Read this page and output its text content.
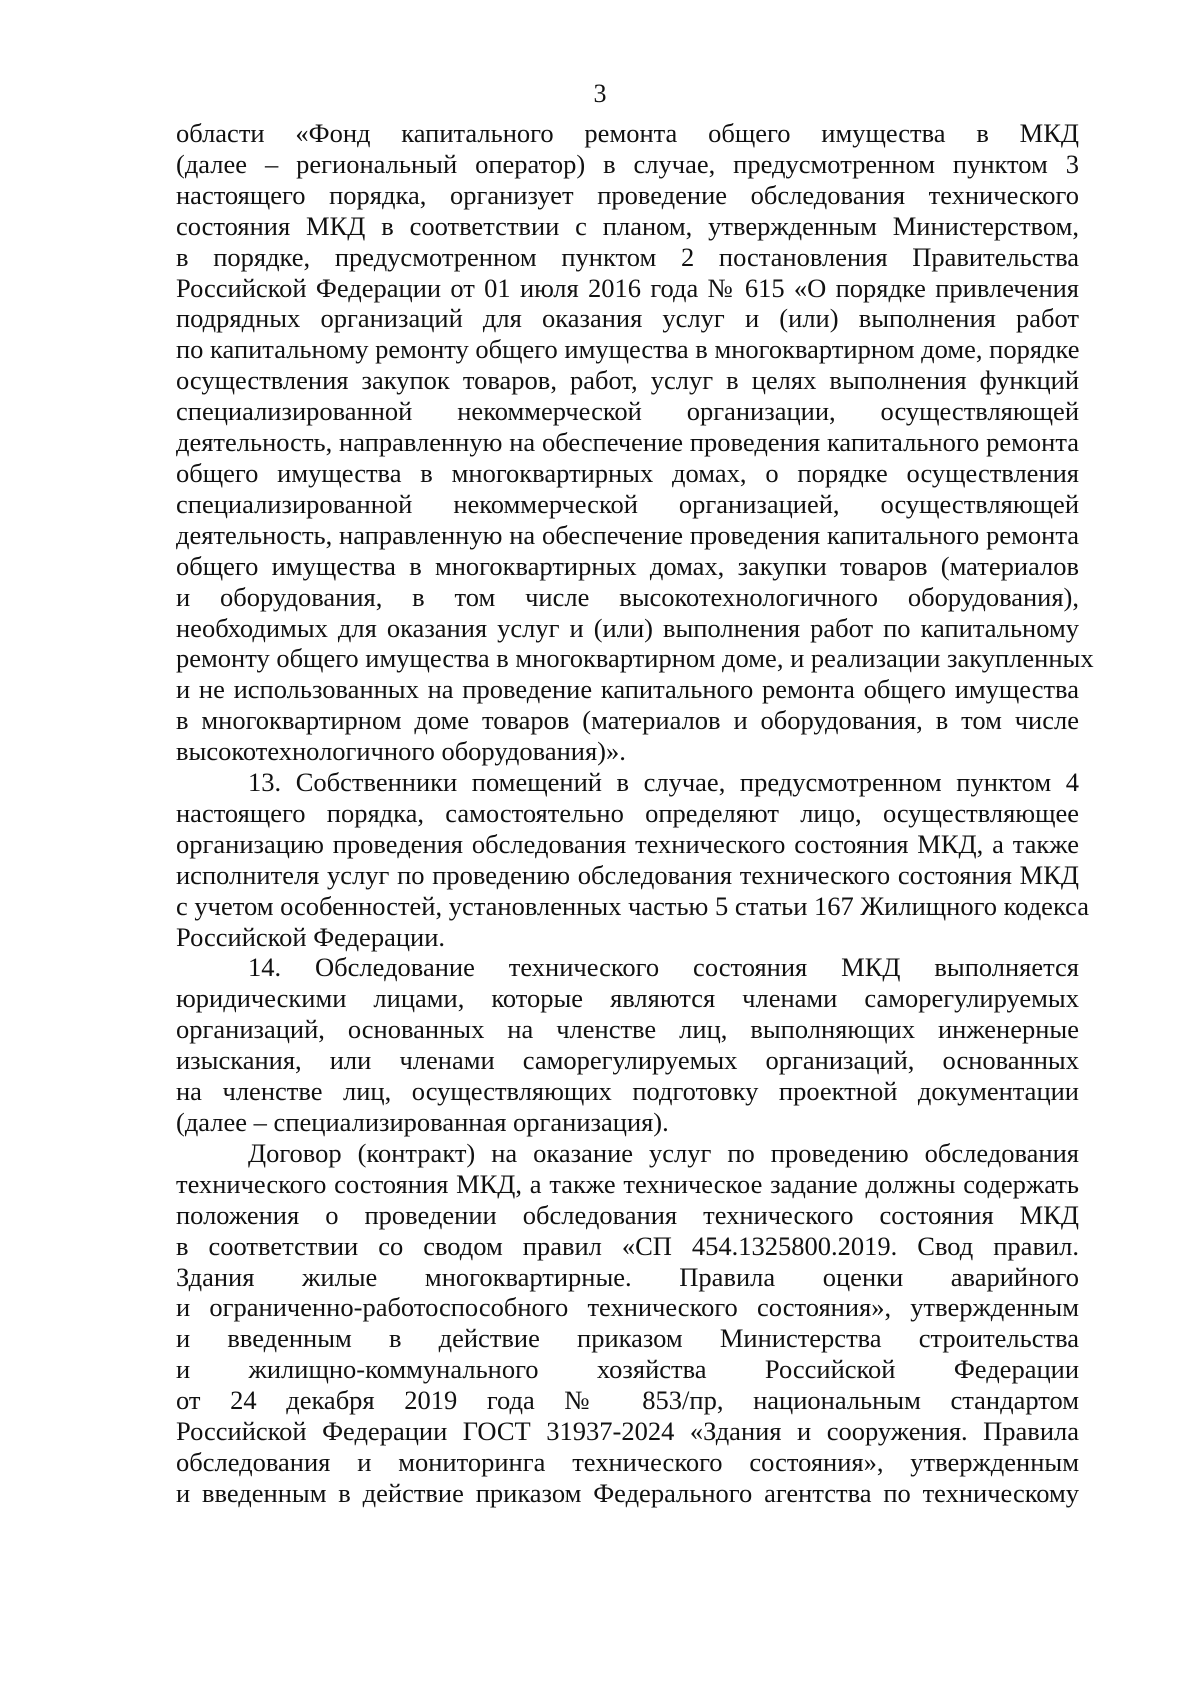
3
области «Фонд капитального ремонта общего имущества в МКД
(далее – региональный оператор) в случае, предусмотренном пунктом 3
настоящего порядка, организует проведение обследования технического
состояния МКД в соответствии с планом, утвержденным Министерством,
в порядке, предусмотренном пунктом 2 постановления Правительства
Российской Федерации от 01 июля 2016 года № 615 «О порядке привлечения
подрядных организаций для оказания услуг и (или) выполнения работ
по капитальному ремонту общего имущества в многоквартирном доме, порядке
осуществления закупок товаров, работ, услуг в целях выполнения функций
специализированной некоммерческой организации, осуществляющей
деятельность, направленную на обеспечение проведения капитального ремонта
общего имущества в многоквартирных домах, о порядке осуществления
специализированной некоммерческой организацией, осуществляющей
деятельность, направленную на обеспечение проведения капитального ремонта
общего имущества в многоквартирных домах, закупки товаров (материалов
и оборудования, в том числе высокотехнологичного оборудования),
необходимых для оказания услуг и (или) выполнения работ по капитальному
ремонту общего имущества в многоквартирном доме, и реализации закупленных
и не использованных на проведение капитального ремонта общего имущества
в многоквартирном доме товаров (материалов и оборудования, в том числе
высокотехнологичного оборудования)».
13. Собственники помещений в случае, предусмотренном пунктом 4
настоящего порядка, самостоятельно определяют лицо, осуществляющее
организацию проведения обследования технического состояния МКД, а также
исполнителя услуг по проведению обследования технического состояния МКД
с учетом особенностей, установленных частью 5 статьи 167 Жилищного кодекса
Российской Федерации.
14. Обследование технического состояния МКД выполняется
юридическими лицами, которые являются членами саморегулируемых
организаций, основанных на членстве лиц, выполняющих инженерные
изыскания, или членами саморегулируемых организаций, основанных
на членстве лиц, осуществляющих подготовку проектной документации
(далее – специализированная организация).
Договор (контракт) на оказание услуг по проведению обследования
технического состояния МКД, а также техническое задание должны содержать
положения о проведении обследования технического состояния МКД
в соответствии со сводом правил «СП 454.1325800.2019. Свод правил.
Здания жилые многоквартирные. Правила оценки аварийного
и ограниченно-работоспособного технического состояния», утвержденным
и введенным в действие приказом Министерства строительства
и жилищно-коммунального хозяйства Российской Федерации
от 24 декабря 2019 года № 853/пр, национальным стандартом
Российской Федерации ГОСТ 31937-2024 «Здания и сооружения. Правила
обследования и мониторинга технического состояния», утвержденным
и введенным в действие приказом Федерального агентства по техническому
